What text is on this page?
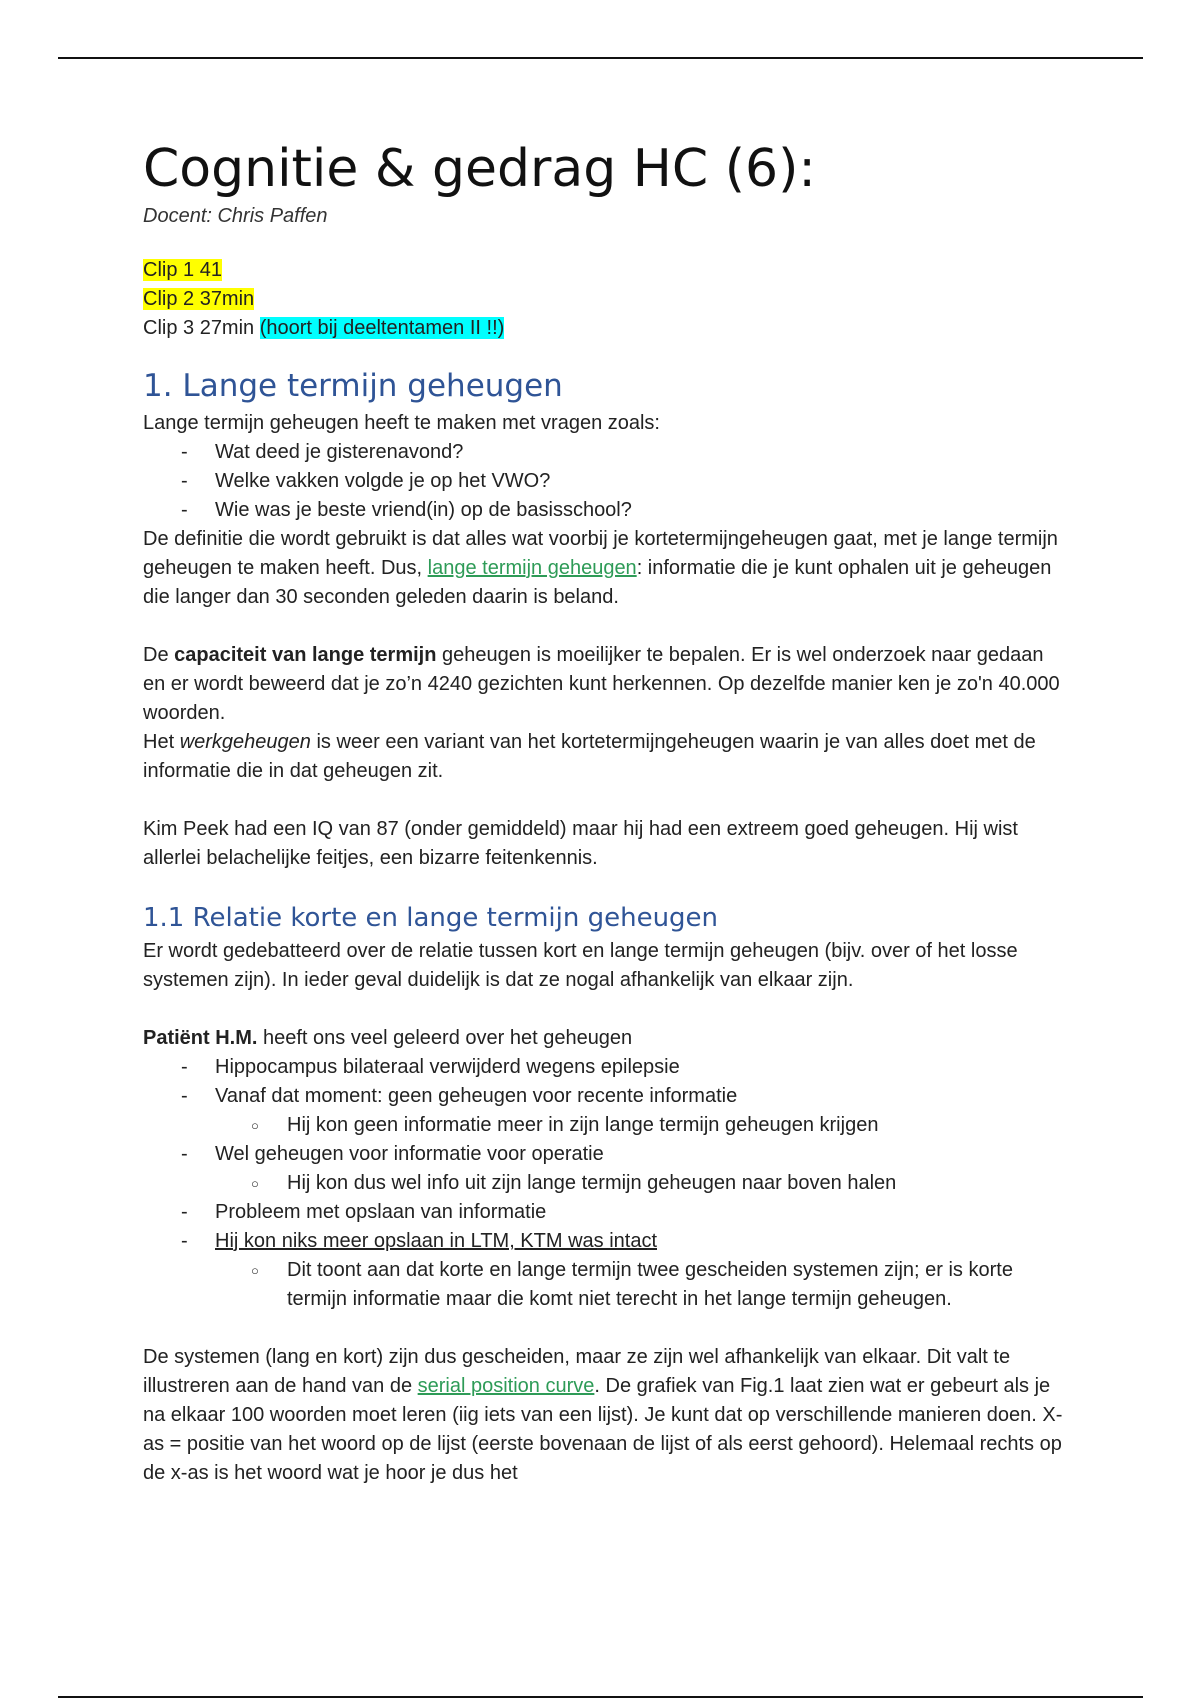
Cognitie & gedrag HC (6):
Docent: Chris Paffen

Clip 1 41

Clip 2 37min

Clip 3 27min (hoort bij deeltentamen II !!)

1. Lange termijn geheugen

Lange termijn geheugen heeft te maken met vragen zoals:

- Wat deed je gisterenavond?
- Welke vakken volgde je op het VWO?
- Wie was je beste vriend(in) op de basisschool?

De definitie die wordt gebruikt is dat alles wat voorbij je kortetermijngeheugen gaat, met je lange termijn geheugen te maken heeft. Dus, lange termijn geheugen: informatie die je kunt ophalen uit je geheugen die langer dan 30 seconden geleden daarin is beland.

De capaciteit van lange termijn geheugen is moeilijker te bepalen. Er is wel onderzoek naar gedaan en er wordt beweerd dat je zo’n 4240 gezichten kunt herkennen. Op dezelfde manier ken je zo'n 40.000 woorden.

Het werkgeheugen is weer een variant van het kortetermijngeheugen waarin je van alles doet met de informatie die in dat geheugen zit.

Kim Peek had een IQ van 87 (onder gemiddeld) maar hij had een extreem goed geheugen. Hij wist allerlei belachelijke feitjes, een bizarre feitenkennis.

1.1 Relatie korte en lange termijn geheugen

Er wordt gedebatteerd over de relatie tussen kort en lange termijn geheugen (bijv. over of het losse systemen zijn). In ieder geval duidelijk is dat ze nogal afhankelijk van elkaar zijn.

Patiënt H.M. heeft ons veel geleerd over het geheugen

- Hippocampus bilateraal verwijderd wegens epilepsie
- Vanaf dat moment: geen geheugen voor recente informatie
○ Hij kon geen informatie meer in zijn lange termijn geheugen krijgen
- Wel geheugen voor informatie voor operatie
○ Hij kon dus wel info uit zijn lange termijn geheugen naar boven halen
- Probleem met opslaan van informatie
- Hij kon niks meer opslaan in LTM, KTM was intact
○ Dit toont aan dat korte en lange termijn twee gescheiden systemen zijn; er is korte termijn informatie maar die komt niet terecht in het lange termijn geheugen.

De systemen (lang en kort) zijn dus gescheiden, maar ze zijn wel afhankelijk van elkaar. Dit valt te illustreren aan de hand van de serial position curve. De grafiek van Fig.1 laat zien wat er gebeurt als je na elkaar 100 woorden moet leren (iig iets van een lijst). Je kunt dat op verschillende manieren doen. X-as = positie van het woord op de lijst (eerste bovenaan de lijst of als eerst gehoord). Helemaal rechts op de x-as is het woord wat je hoor je dus het
